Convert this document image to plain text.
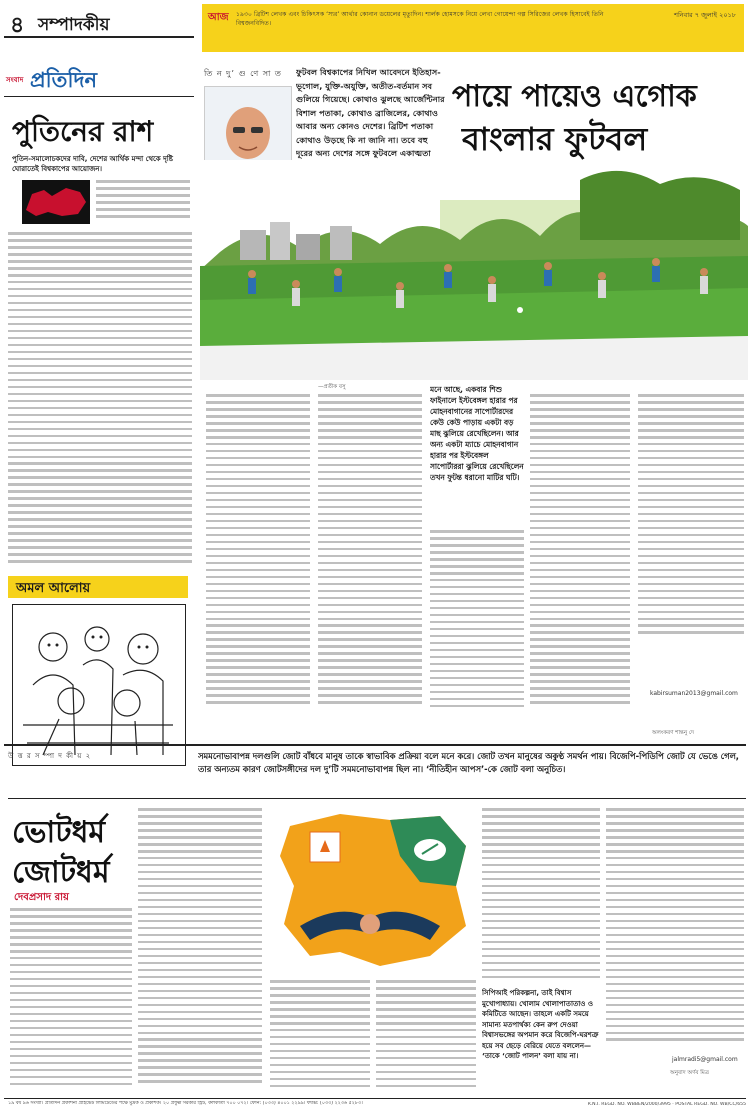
৪ সম্পাদকীয়	আজ ১৯৩০ ব্রিটিশ লেখক এবং চিকিৎসক ‘স্যর’ আর্থার কোনান ডয়েলের মৃত্যুদিন। শার্লক হোমসকে নিয়ে লেখা গোয়েন্দা গল্প সিরিজের লেখক হিসাবেই তিনি বিশ্বজনবিদিত।
শনিবার ৭ জুলাই ২০১৮
সংবাদ প্রতিদিন
পুতিনের রাশ
পুতিন-সমালোচকদের দাবি, দেশের আর্থিক মন্দা থেকে দৃষ্টি ঘোরাতেই বিশ্বকাপের আয়োজন।
অমল আলোয়
তি ন দু’ গু ণে সা ত ফুটবল বিশ্বকাপের নিখিল আবেদনে ইতিহাস-ভূগোল, যুক্তি-অযুক্তি, অতীত-বর্তমান সব গুলিয়ে গিয়েছে। কোথাও ঝুলছে আর্জেন্টিনার বিশাল পতাকা, কোথাও ব্রাজিলের, কোথাও আবার অন্য কোনও দেশের। ব্রিটিশ পতাকা কোথাও উড়ছে কি না জানি না। তবে বহু দূরের অন্য দেশের সঙ্গে ফুটবলে একাত্মতা
পায়ে পায়েও এগোক
বাংলার ফুটবল
—প্রতীক বসু	মনে আছে, একবার শিশু ফাইনালে ইস্টবেঙ্গল হারার পর মোহনবাগানের সাপোর্টারদের কেউ কেউ পাড়ায় একটা বড় মাছ ঝুলিয়ে রেখেছিলেন। আর অন্য একটা ম্যাচে মোহনবাগান হারার পর ইস্টবেঙ্গল সাপোর্টাররা ঝুলিয়ে রেখেছিলেন তখন ফুটন্ত ধরানো মাটির ঘটি।
kabirsuman2013@gmail.com
অলংকরণ শান্তনু দে
উ ত্ত র স ম্পা দ কী য় ২	সমমনোভাবাপন্ন দলগুলি জোট বাঁধবে মানুষ তাকে স্বাভাবিক প্রক্রিয়া বলে মনে করে। জোট তখন মানুষের অকুণ্ঠ সমর্থন পায়। বিজেপি-পিডিপি জোট যে ভেঙে গেল, তার অন্যতম কারণ জোটসঙ্গীদের দল দু’টি সমমনোভাবাপন্ন ছিল না। ‘নীতিহীন আপস’-কে জোট বলা অনুচিত।
ভোটধর্ম
জোটধর্ম
দেবপ্রসাদ রায়
সিপিআই পরিকল্পনা, তাই বিশ্বাস মুখোপাধ্যায়। খোলাম খোলাপাতাতাও ও কমিটিতে আছেন। তাহলে একটি সময়ে সামান্য মতপার্থক্য কেন রুপ দেওয়া বিশ্বাসভঙ্গের অপমান করে বিজেপি-ঘরশত্রু হয়ে সব ছেড়ে বেরিয়ে যেতে বললেন— ‘তাকে ‘জোট পালন’ বলা যায় না।	jalmradi5@gmail.com
অনুবাদ অর্ণব মিত্র
১৯ বর্ষ ৯৬ সংখ্যা। প্রতিদিন প্রকাশনী প্রাইভেট লিমিটেডের পক্ষে মুদ্রক ও প্রকাশক। ২০ প্রফুল্ল সরকার স্ট্রিট, কলকাতা ৭০০ ০৭২। ফোন: (০৩৩) ৪০০১ ২২৯৯। ফ্যাক্স: (০৩৩) ২২৩৬ ৫২৮৩।	R.N.I. REGD. NO. WBBEN/2000/3995 · POSTAL REGD. NO. WB/CC/655
